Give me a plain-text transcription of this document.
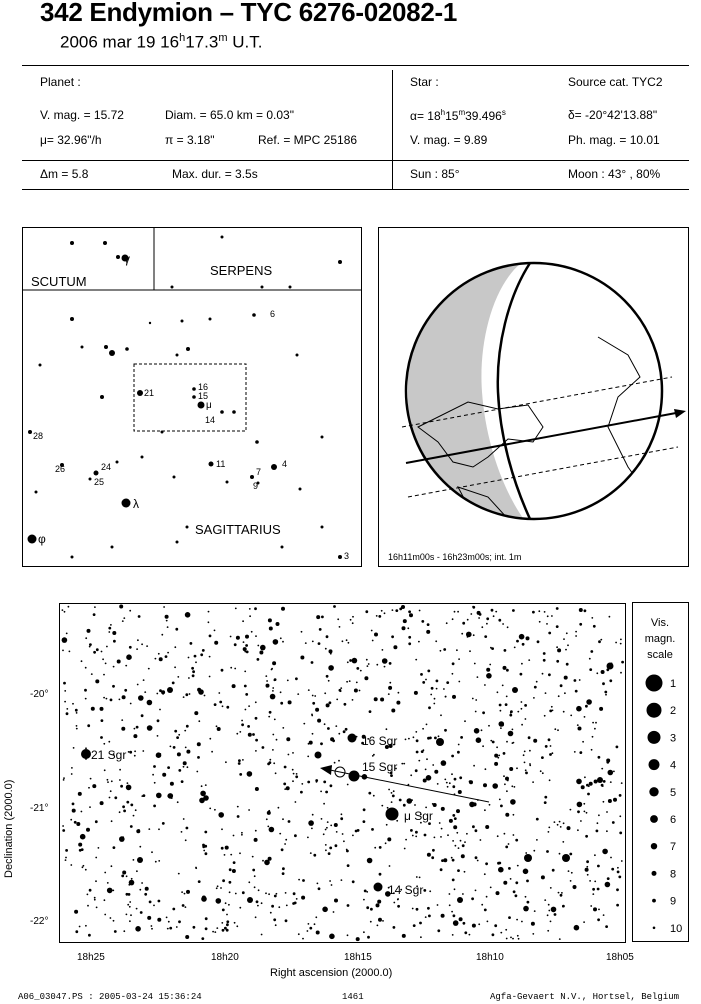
342 Endymion – TYC 6276-02082-1
2006 mar 19 16$^h$17.3$^m$ U.T.
Planet :
V. mag. = 15.72	Diam. = 65.0 km = 0.03"
μ= 32.96"/h	π = 3.18"	Ref. = MPC 25186
Δm = 5.8	Max. dur. = 3.5s
Star :	Source cat. TYC2
$\alpha= 18^h15^m39.496^s$	δ= -20°42'13.88"
V. mag. = 9.89	Ph. mag. = 10.01
Sun : 85°	Moon : 43° , 80%
SCUTUM
SERPENS
SAGITTARIUS
6
21
16
15
μ
14
28
26	24
25
11
7
4
9
λ
φ
3
γ
16h11m00s - 16h23m00s; int. 1m
21 Sgr
16 Sgr
15 Sgr
μ Sgr
14 Sgr
18h25	18h20	18h15	18h10	18h05
-20°
-21°
-22°
Right ascension (2000.0)
Declination (2000.0)
Vis.
magn.
scale
1
2
3
4
5
6
7
8
9
10
A06_03047.PS : 2005-03-24 15:36:24	1461	Agfa-Gevaert N.V., Hortsel, Belgium
